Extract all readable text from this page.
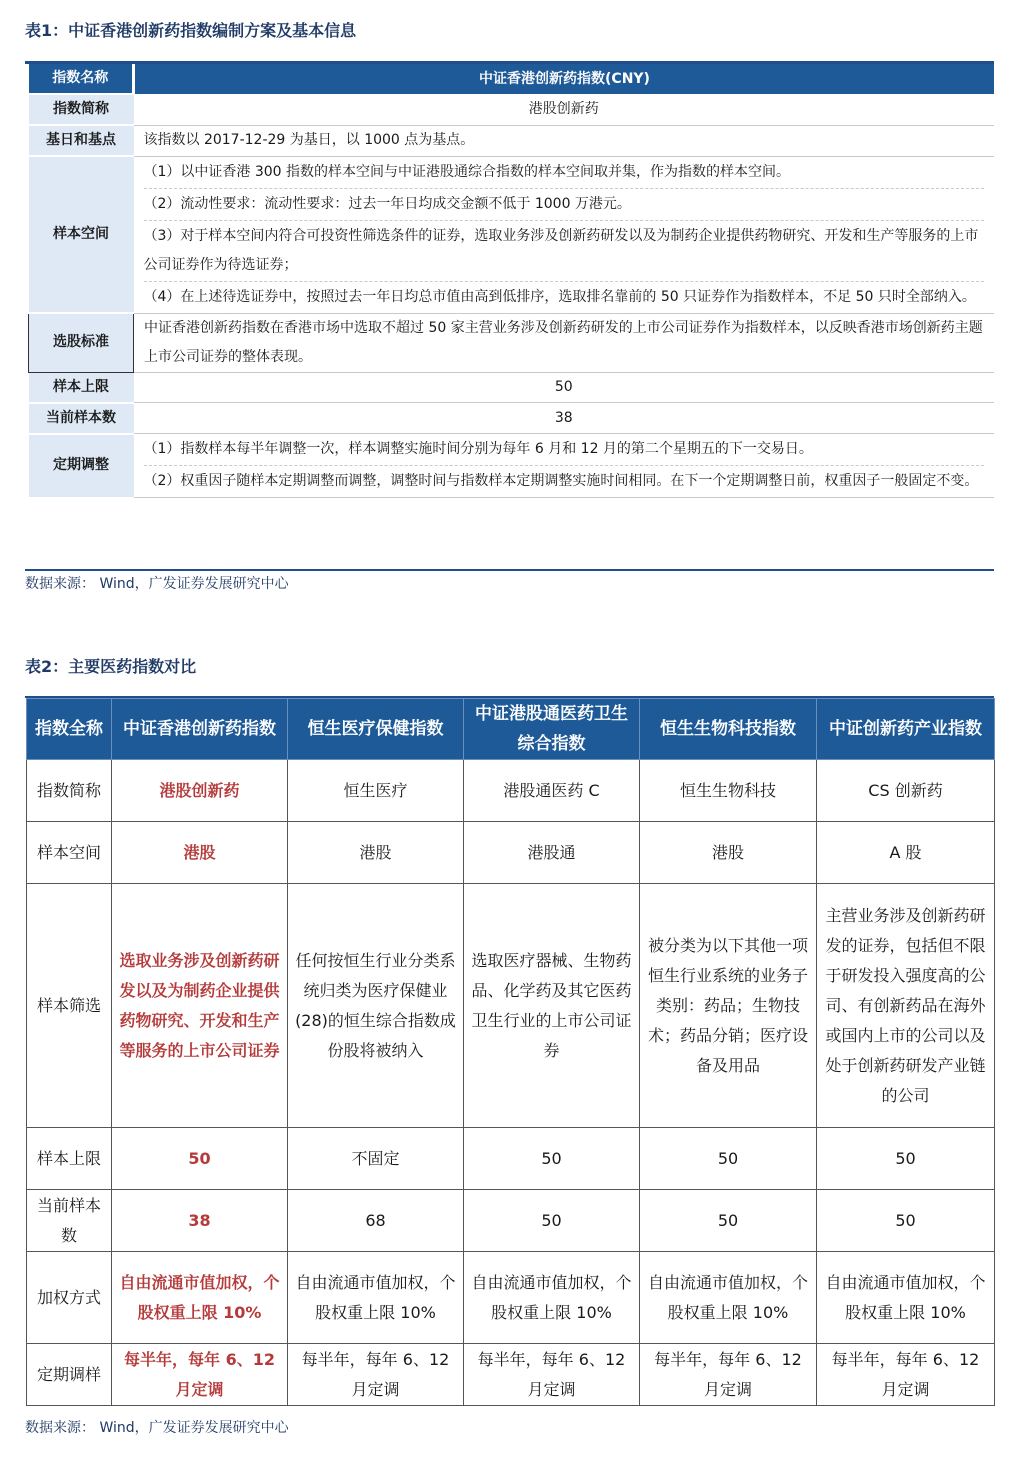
表1：中证香港创新药指数编制方案及基本信息
指数名称	中证香港创新药指数(CNY)
指数简称	港股创新药
基日和基点	该指数以 2017-12-29 为基日，以 1000 点为基点。
样本空间	（1）以中证香港 300 指数的样本空间与中证港股通综合指数的样本空间取并集，作为指数的样本空间。
（2）流动性要求：流动性要求：过去一年日均成交金额不低于 1000 万港元。
（3）对于样本空间内符合可投资性筛选条件的证券，选取业务涉及创新药研发以及为制药企业提供药物研究、开发和生产等服务的上市公司证券作为待选证券；
（4）在上述待选证券中，按照过去一年日均总市值由高到低排序，选取排名靠前的 50 只证券作为指数样本，不足 50 只时全部纳入。

选股标准	中证香港创新药指数在香港市场中选取不超过 50 家主营业务涉及创新药研发的上市公司证券作为指数样本，以反映香港市场创新药主题上市公司证券的整体表现。
样本上限	50
当前样本数	38
定期调整	（1）指数样本每半年调整一次，样本调整实施时间分别为每年 6 月和 12 月的第二个星期五的下一交易日。
（2）权重因子随样本定期调整而调整，调整时间与指数样本定期调整实施时间相同。在下一个定期调整日前，权重因子一般固定不变。
数据来源： Wind，广发证券发展研究中心
表2：主要医药指数对比
指数全称	中证香港创新药指数	恒生医疗保健指数	中证港股通医药卫生综合指数	恒生生物科技指数	中证创新药产业指数
指数简称	港股创新药	恒生医疗	港股通医药 C	恒生生物科技	CS 创新药
样本空间	港股	港股	港股通	港股	A 股
样本筛选	选取业务涉及创新药研发以及为制药企业提供药物研究、开发和生产等服务的上市公司证券	任何按恒生行业分类系统归类为医疗保健业(28)的恒生综合指数成份股将被纳入	选取医疗器械、生物药品、化学药及其它医药卫生行业的上市公司证券	被分类为以下其他一项恒生行业系统的业务子类别：药品；生物技术；药品分销；医疗设备及用品	主营业务涉及创新药研发的证券，包括但不限于研发投入强度高的公司、有创新药品在海外或国内上市的公司以及处于创新药研发产业链的公司
样本上限	50	不固定	50	50	50
当前样本数	38	68	50	50	50
加权方式	自由流通市值加权，个股权重上限 10%	自由流通市值加权，个股权重上限 10%	自由流通市值加权，个股权重上限 10%	自由流通市值加权，个股权重上限 10%	自由流通市值加权，个股权重上限 10%
定期调样	每半年，每年 6、12 月定调	每半年，每年 6、12 月定调	每半年，每年 6、12 月定调	每半年，每年 6、12 月定调	每半年，每年 6、12 月定调
数据来源： Wind，广发证券发展研究中心
